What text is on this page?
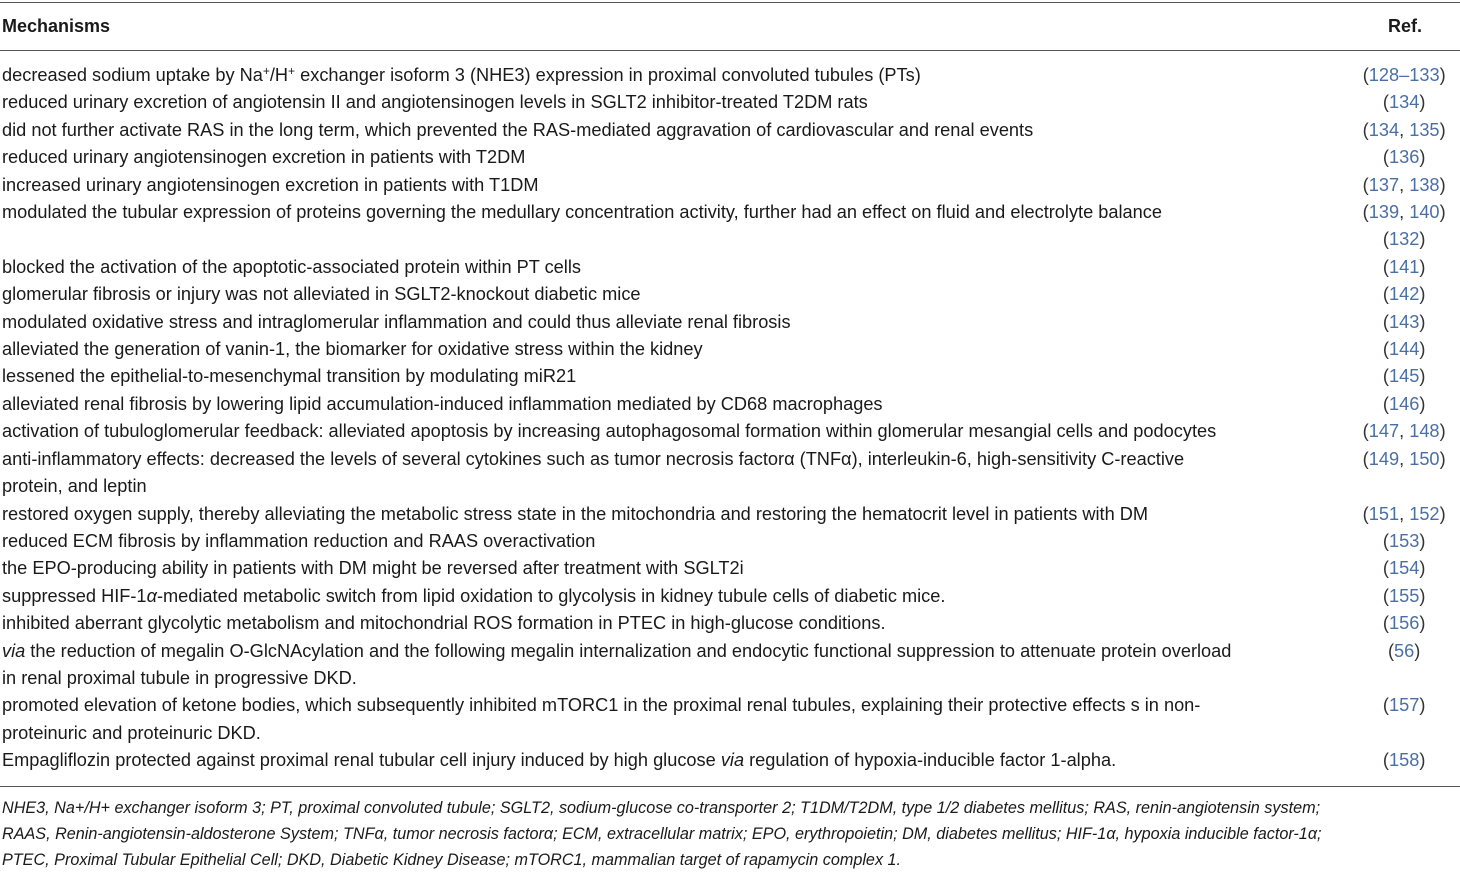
Mechanisms	Ref.
decreased sodium uptake by Na+/H+ exchanger isoform 3 (NHE3) expression in proximal convoluted tubules (PTs)	(128–133)
reduced urinary excretion of angiotensin II and angiotensinogen levels in SGLT2 inhibitor-treated T2DM rats	(134)
did not further activate RAS in the long term, which prevented the RAS-mediated aggravation of cardiovascular and renal events	(134, 135)
reduced urinary angiotensinogen excretion in patients with T2DM	(136)
increased urinary angiotensinogen excretion in patients with T1DM	(137, 138)
modulated the tubular expression of proteins governing the medullary concentration activity, further had an effect on fluid and electrolyte balance	(139, 140)
	(132)
blocked the activation of the apoptotic-associated protein within PT cells	(141)
glomerular fibrosis or injury was not alleviated in SGLT2-knockout diabetic mice	(142)
modulated oxidative stress and intraglomerular inflammation and could thus alleviate renal fibrosis	(143)
alleviated the generation of vanin-1, the biomarker for oxidative stress within the kidney	(144)
lessened the epithelial-to-mesenchymal transition by modulating miR21	(145)
alleviated renal fibrosis by lowering lipid accumulation-induced inflammation mediated by CD68 macrophages	(146)
activation of tubuloglomerular feedback: alleviated apoptosis by increasing autophagosomal formation within glomerular mesangial cells and podocytes	(147, 148)

anti-inflammatory effects: decreased the levels of several cytokines such as tumor necrosis factorα (TNFα), interleukin-6, high-sensitivity C-reactive
protein, and leptin	(149, 150)
restored oxygen supply, thereby alleviating the metabolic stress state in the mitochondria and restoring the hematocrit level in patients with DM	(151, 152)
reduced ECM fibrosis by inflammation reduction and RAAS overactivation	(153)
the EPO-producing ability in patients with DM might be reversed after treatment with SGLT2i	(154)
suppressed HIF-1α-mediated metabolic switch from lipid oxidation to glycolysis in kidney tubule cells of diabetic mice.	(155)
inhibited aberrant glycolytic metabolism and mitochondrial ROS formation in PTEC in high-glucose conditions.	(156)

via the reduction of megalin O-GlcNAcylation and the following megalin internalization and endocytic functional suppression to attenuate protein overload
in renal proximal tubule in progressive DKD.	(56)

promoted elevation of ketone bodies, which subsequently inhibited mTORC1 in the proximal renal tubules, explaining their protective effects s in non-
proteinuric and proteinuric DKD.	(157)
Empagliflozin protected against proximal renal tubular cell injury induced by high glucose via regulation of hypoxia-inducible factor 1-alpha.	(158)
NHE3, Na+/H+ exchanger isoform 3; PT, proximal convoluted tubule; SGLT2, sodium-glucose co-transporter 2; T1DM/T2DM, type 1/2 diabetes mellitus; RAS, renin-angiotensin system;
RAAS, Renin-angiotensin-aldosterone System; TNFα, tumor necrosis factorα; ECM, extracellular matrix; EPO, erythropoietin; DM, diabetes mellitus; HIF-1α, hypoxia inducible factor-1α;
PTEC, Proximal Tubular Epithelial Cell; DKD, Diabetic Kidney Disease; mTORC1, mammalian target of rapamycin complex 1.
